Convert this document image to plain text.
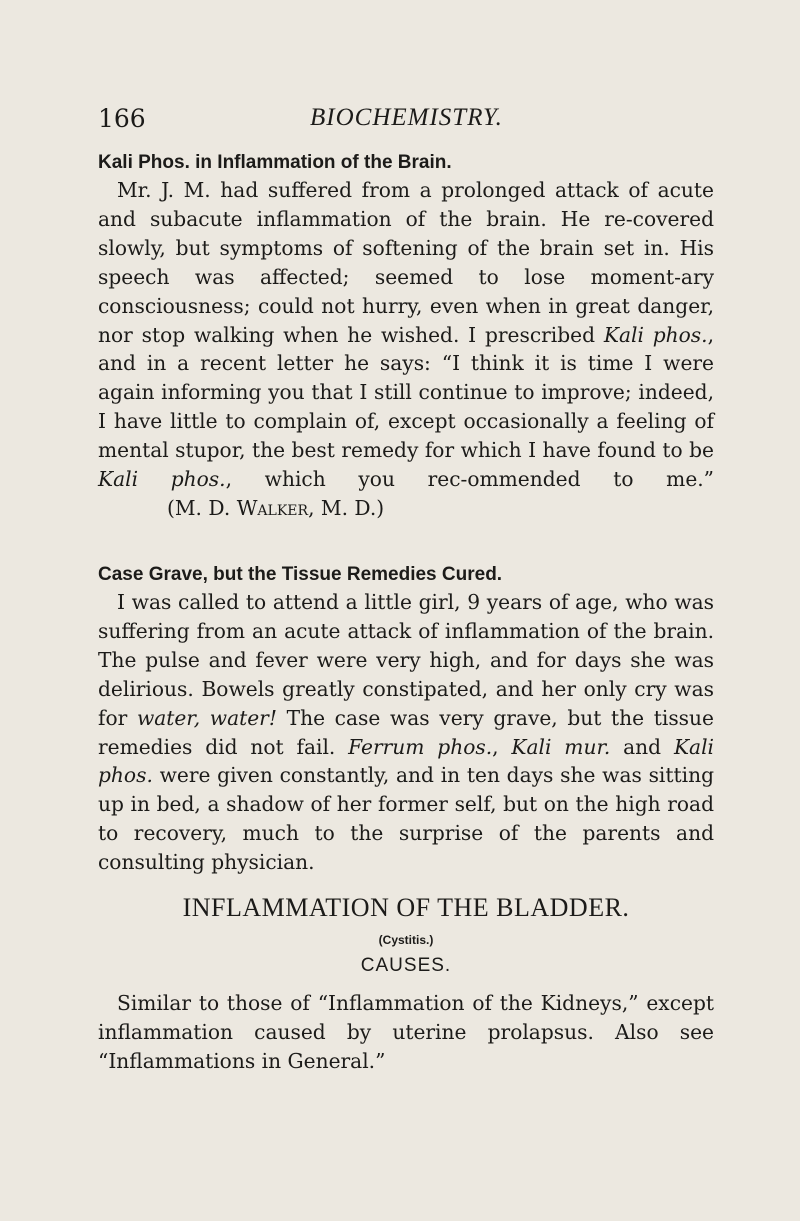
166	BIOCHEMISTRY.
Kali Phos. in Inflammation of the Brain.

Mr. J. M. had suffered from a prolonged attack of acute and subacute inflammation of the brain. He re-covered slowly, but symptoms of softening of the brain set in. His speech was affected; seemed to lose moment-ary consciousness; could not hurry, even when in great danger, nor stop walking when he wished. I prescribed Kali phos., and in a recent letter he says: “I think it is time I were again informing you that I still continue to improve; indeed, I have little to complain of, except occasionally a feeling of mental stupor, the best remedy for which I have found to be Kali phos., which you rec-ommended to me.”(M. D. Walker, M. D.)

Case Grave, but the Tissue Remedies Cured.

I was called to attend a little girl, 9 years of age, who was suffering from an acute attack of inflammation of the brain. The pulse and fever were very high, and for days she was delirious. Bowels greatly constipated, and her only cry was for water, water! The case was very grave, but the tissue remedies did not fail. Ferrum phos., Kali mur. and Kali phos. were given constantly, and in ten days she was sitting up in bed, a shadow of her former self, but on the high road to recovery, much to the surprise of the parents and consulting physician.

INFLAMMATION OF THE BLADDER.
(Cystitis.)
CAUSES.

Similar to those of “Inflammation of the Kidneys,” except inflammation caused by uterine prolapsus. Also see “Inflammations in General.”
